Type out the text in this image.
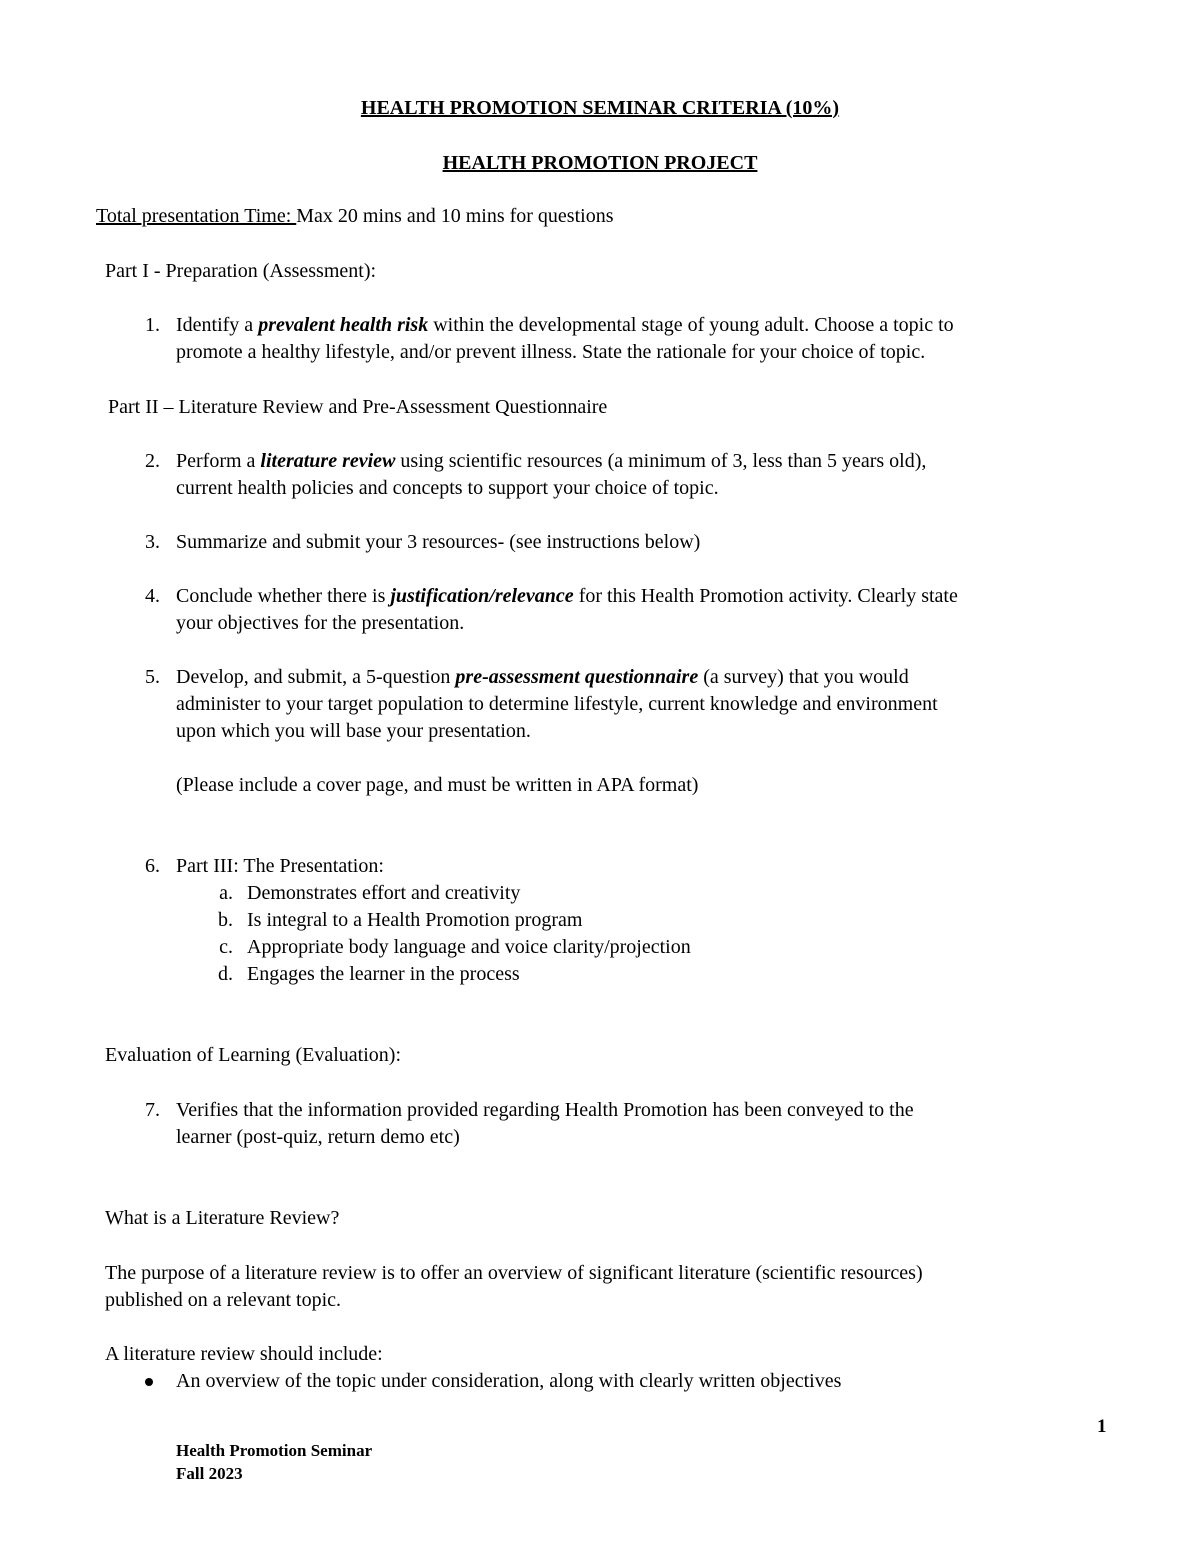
HEALTH PROMOTION SEMINAR CRITERIA (10%)
HEALTH PROMOTION PROJECT
Total presentation Time: Max 20 mins and 10 mins for questions
Part I - Preparation (Assessment):
1. Identify a prevalent health risk within the developmental stage of young adult. Choose a topic to
promote a healthy lifestyle, and/or prevent illness. State the rationale for your choice of topic.
Part II – Literature Review and Pre-Assessment Questionnaire
2. Perform a literature review using scientific resources (a minimum of 3, less than 5 years old),
current health policies and concepts to support your choice of topic.
3. Summarize and submit your 3 resources- (see instructions below)
4. Conclude whether there is justification/relevance for this Health Promotion activity. Clearly state
your objectives for the presentation.
5. Develop, and submit, a 5-question pre-assessment questionnaire (a survey) that you would
administer to your target population to determine lifestyle, current knowledge and environment
upon which you will base your presentation.
(Please include a cover page, and must be written in APA format)
6. Part III: The Presentation:
a. Demonstrates effort and creativity
b. Is integral to a Health Promotion program
c. Appropriate body language and voice clarity/projection
d. Engages the learner in the process
Evaluation of Learning (Evaluation):
7. Verifies that the information provided regarding Health Promotion has been conveyed to the
learner (post-quiz, return demo etc)
What is a Literature Review?
The purpose of a literature review is to offer an overview of significant literature (scientific resources)
published on a relevant topic.
A literature review should include:
An overview of the topic under consideration, along with clearly written objectives
1
Health Promotion Seminar
Fall 2023
